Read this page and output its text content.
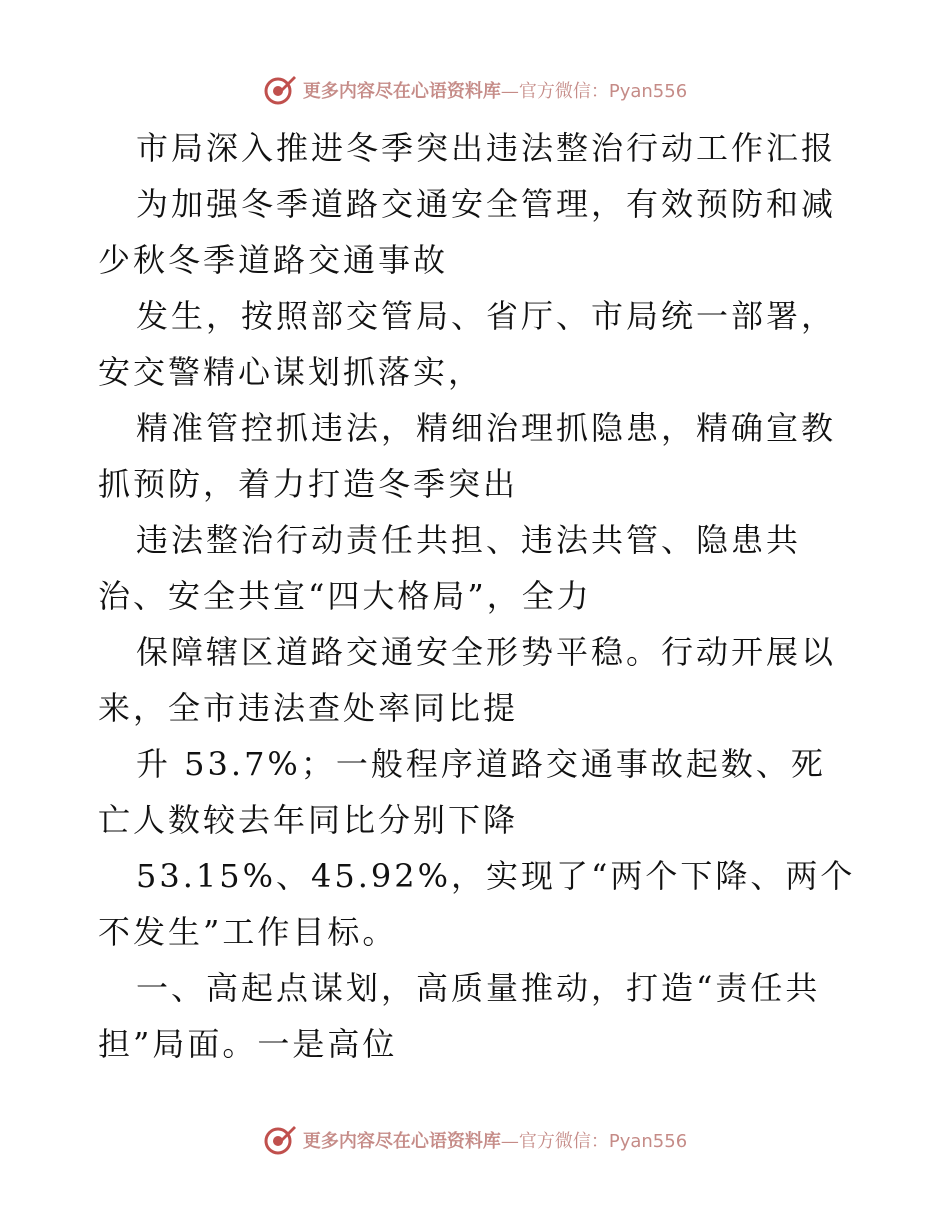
更多内容尽在心语资料库—官方微信：Pyan556

市局深入推进冬季突出违法整治行动工作汇报

为加强冬季道路交通安全管理，有效预防和减少秋冬季道路交通事故

发生，按照部交管局、省厅、市局统一部署，安交警精心谋划抓落实，

精准管控抓违法，精细治理抓隐患，精确宣教抓预防，着力打造冬季突出

违法整治行动责任共担、违法共管、隐患共治、安全共宣“四大格局”，全力

保障辖区道路交通安全形势平稳。行动开展以来，全市违法查处率同比提

升 53.7%；一般程序道路交通事故起数、死亡人数较去年同比分别下降

53.15%、45.92%，实现了“两个下降、两个不发生”工作目标。

一、高起点谋划，高质量推动，打造“责任共担”局面。一是高位

更多内容尽在心语资料库—官方微信：Pyan556
